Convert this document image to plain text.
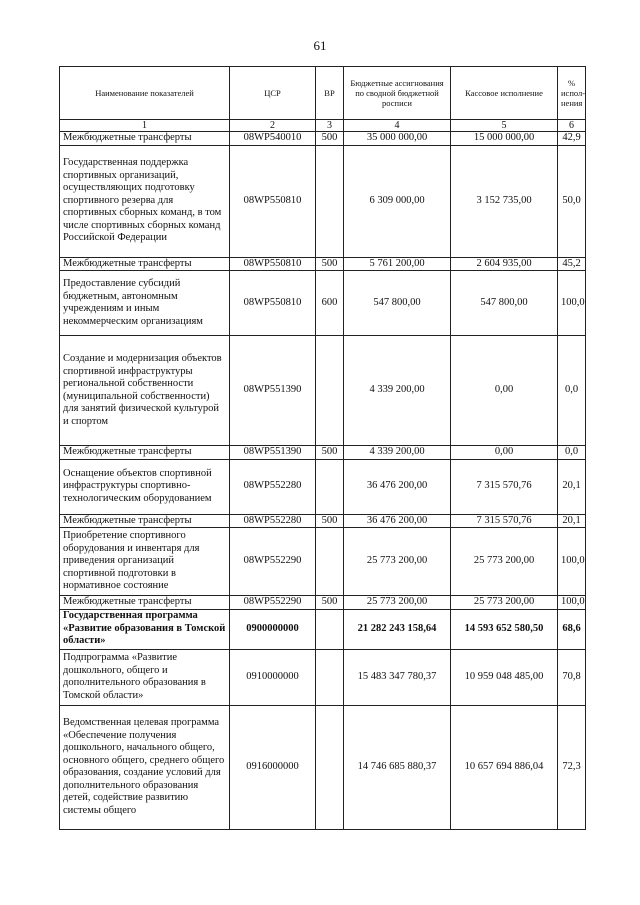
61
Наименование показателей	ЦСР	ВР	Бюджетные ассигнования по сводной бюджетной росписи	Кассовое исполнение	% испол-нения
1	2	3	4	5	6
Межбюджетные трансферты	08WP540010	500	35 000 000,00	15 000 000,00	42,9
Государственная поддержка спортивных организаций, осуществляющих подготовку спортивного резерва для спортивных сборных команд, в том числе спортивных сборных команд Российской Федерации	08WP550810		6 309 000,00	3 152 735,00	50,0
Межбюджетные трансферты	08WP550810	500	5 761 200,00	2 604 935,00	45,2
Предоставление субсидий бюджетным, автономным учреждениям и иным некоммерческим организациям	08WP550810	600	547 800,00	547 800,00	100,0
Создание и модернизация объектов спортивной инфраструктуры региональной собственности (муниципальной собственности) для занятий физической культурой и спортом	08WP551390		4 339 200,00	0,00	0,0
Межбюджетные трансферты	08WP551390	500	4 339 200,00	0,00	0,0
Оснащение объектов спортивной инфраструктуры спортивно-технологическим оборудованием	08WP552280		36 476 200,00	7 315 570,76	20,1
Межбюджетные трансферты	08WP552280	500	36 476 200,00	7 315 570,76	20,1
Приобретение спортивного оборудования и инвентаря для приведения организаций спортивной подготовки в нормативное состояние	08WP552290		25 773 200,00	25 773 200,00	100,0
Межбюджетные трансферты	08WP552290	500	25 773 200,00	25 773 200,00	100,0
Государственная программа «Развитие образования в Томской области»	0900000000		21 282 243 158,64	14 593 652 580,50	68,6
Подпрограмма «Развитие дошкольного, общего и дополнительного образования в Томской области»	0910000000		15 483 347 780,37	10 959 048 485,00	70,8
Ведомственная целевая программа «Обеспечение получения дошкольного, начального общего, основного общего, среднего общего образования, создание условий для дополнительного образования детей, содействие развитию системы общего	0916000000		14 746 685 880,37	10 657 694 886,04	72,3
